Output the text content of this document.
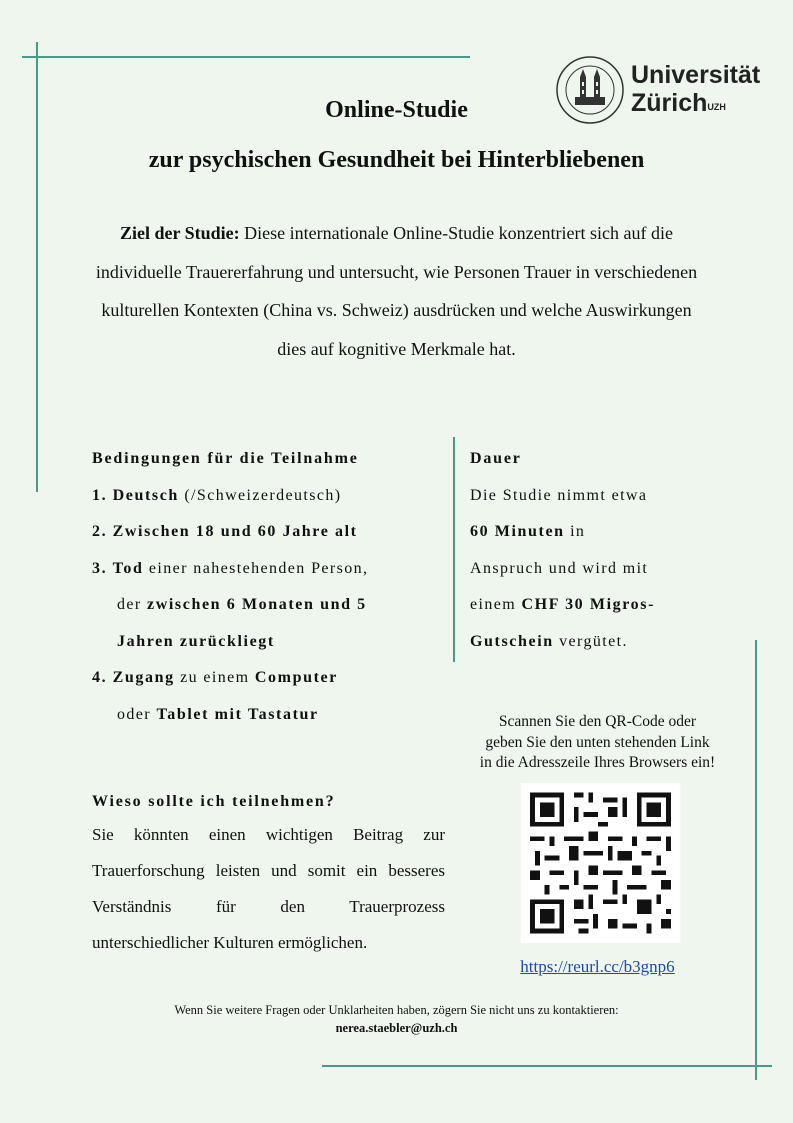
Universität
Zürich$^{UZH}$
Online-Studie
zur psychischen Gesundheit bei Hinterbliebenen
Ziel der Studie: Diese internationale Online-Studie konzentriert sich auf die individuelle Trauererfahrung und untersucht, wie Personen Trauer in verschiedenen kulturellen Kontexten (China vs. Schweiz) ausdrücken und welche Auswirkungen dies auf kognitive Merkmale hat.
Bedingungen für die Teilnahme
1. Deutsch (/Schweizerdeutsch)
2. Zwischen 18 und 60 Jahre alt
3. Tod einer nahestehenden Person,
der zwischen 6 Monaten und 5
Jahren zurückliegt
4. Zugang zu einem Computer
oder Tablet mit Tastatur
Dauer
Die Studie nimmt etwa
60 Minuten in
Anspruch und wird mit
einem CHF 30 Migros-
Gutschein vergütet.
Scannen Sie den QR-Code oder
geben Sie den unten stehenden Link
in die Adresszeile Ihres Browsers ein!
https://reurl.cc/b3gnp6
Wieso sollte ich teilnehmen?

Sie könnten einen wichtigen Beitrag zur Trauerforschung leisten und somit ein besseres Verständnis für den Trauerprozess unterschiedlicher Kulturen ermöglichen.

Wenn Sie weitere Fragen oder Unklarheiten haben, zögern Sie nicht uns zu kontaktieren:
nerea.staebler@uzh.ch
